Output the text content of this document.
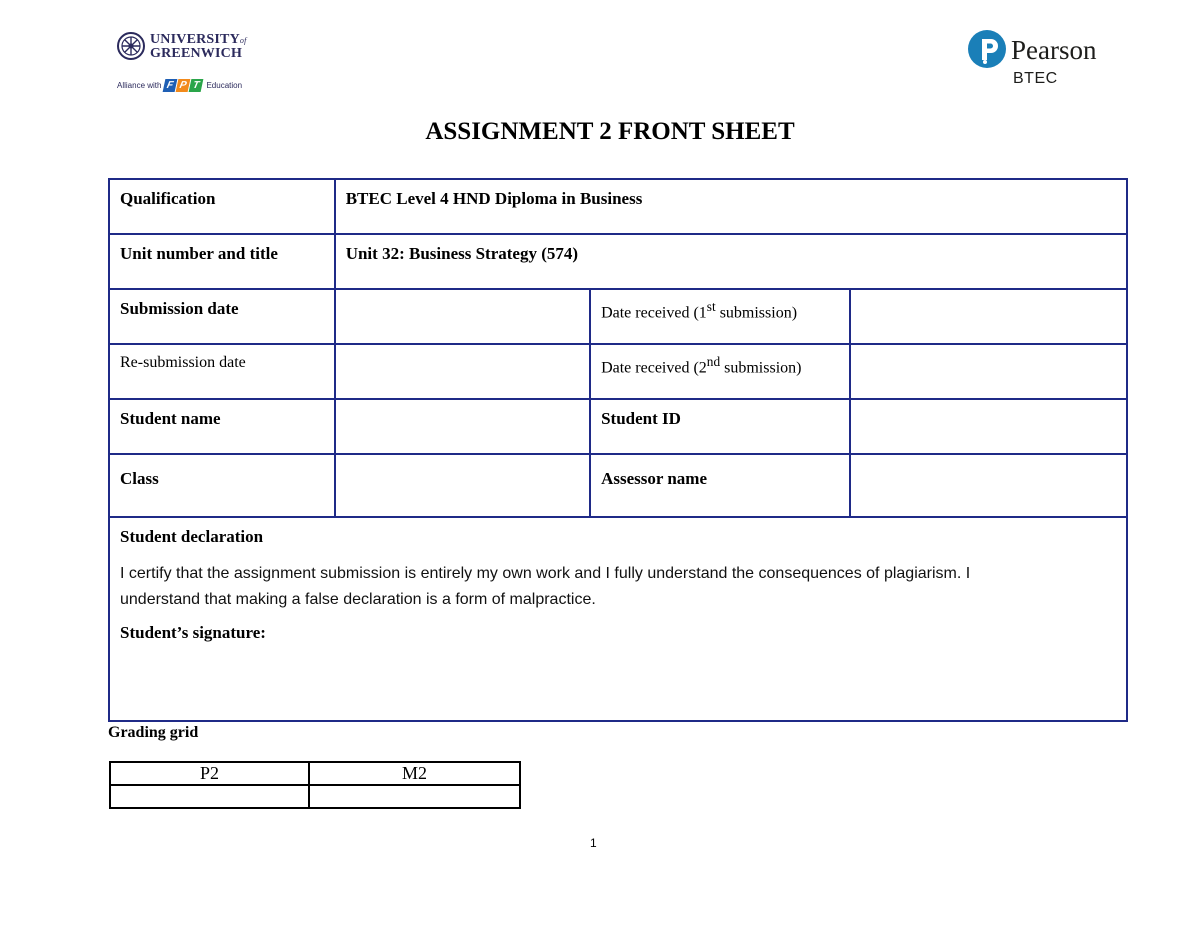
UNIVERSITYof
GREENWICH
Alliance with F P T Education
Pearson
BTEC
ASSIGNMENT 2 FRONT SHEET
Qualification	BTEC Level 4 HND Diploma in Business		

Unit number and title	Unit 32: Business Strategy (574)		

Submission date		Date received (1st submission)	

Re-submission date		Date received (2nd submission)	

Student name		Student ID	

Class		Assessor name	

Student declaration
I certify that the assignment submission is entirely my own work and I fully understand the consequences of plagiarism. I
understand that making a false declaration is a form of malpractice.
Student’s signature:			
Grading grid
P2	M2

1
